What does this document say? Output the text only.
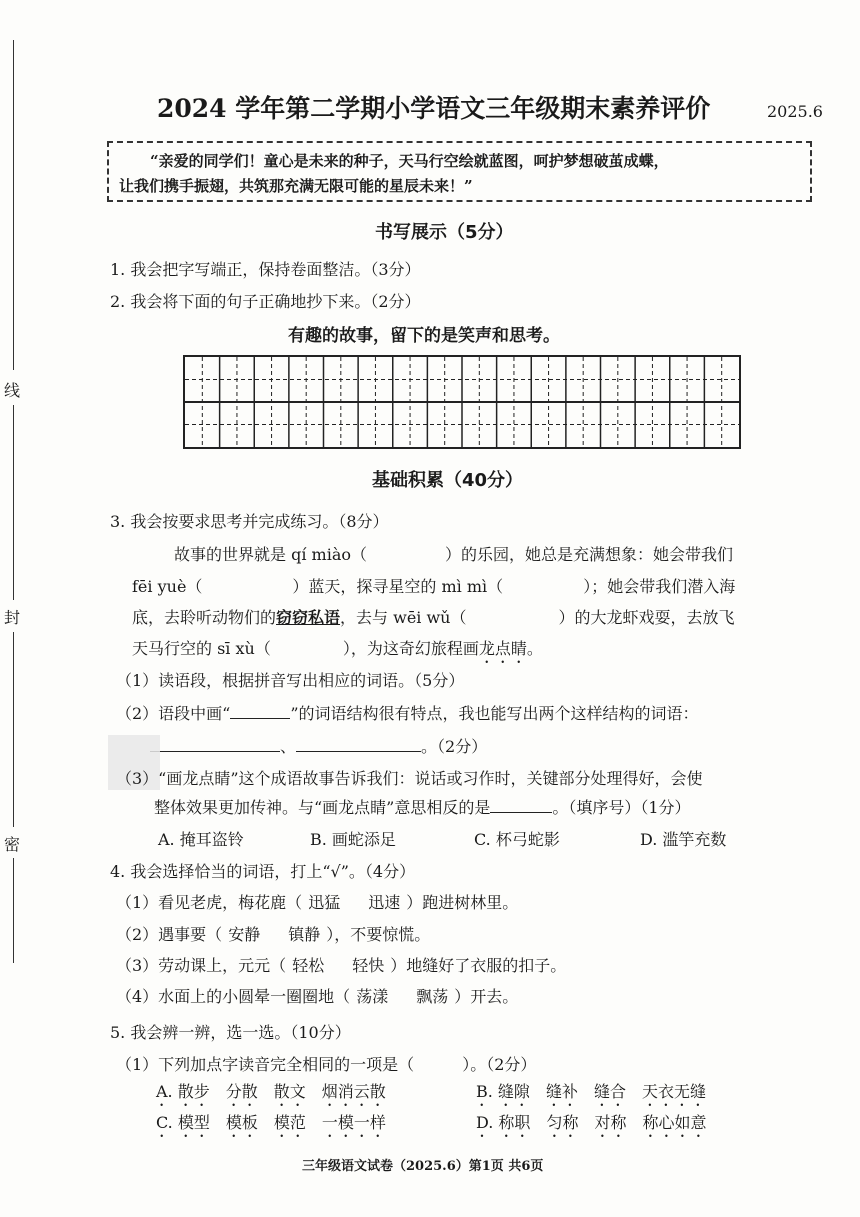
线
封
密
2024 学年第二学期小学语文三年级期末素养评价	2025.6
“亲爱的同学们！童心是未来的种子，天马行空绘就蓝图，呵护梦想破茧成蝶，
让我们携手振翅，共筑那充满无限可能的星辰未来！”
书写展示（5分）
1. 我会把字写端正，保持卷面整洁。（3分）
2. 我会将下面的句子正确地抄下来。（2分）
有趣的故事，留下的是笑声和思考。
基础积累（40分）
3. 我会按要求思考并完成练习。（8分）
故事的世界就是 qí miào（	）的乐园，她总是充满想象：她会带我们
fēi yuè（	）蓝天，探寻星空的 mì mì（	）；她会带我们潜入海
底，去聆听动物们的窃窃私语，去与 wēi wǔ（	）的大龙虾戏耍，去放飞
天马行空的 sī xù（	），为这奇幻旅程画龙点睛。
（1）读语段，根据拼音写出相应的词语。（5分）
（2）语段中画“	”的词语结构很有特点，我也能写出两个这样结构的词语：
、	。（2分）
（3）“画龙点睛”这个成语故事告诉我们：说话或习作时，关键部分处理得好，会使
整体效果更加传神。与“画龙点睛”意思相反的是	。（填序号）（1分）
A. 掩耳盗铃	B. 画蛇添足	C. 杯弓蛇影	D. 滥竽充数
4. 我会选择恰当的词语，打上“√”。（4分）
（1）看见老虎，梅花鹿（ 迅猛 迅速 ）跑进树林里。
（2）遇事要（ 安静 镇静 ），不要惊慌。
（3）劳动课上，元元（ 轻松 轻快 ）地缝好了衣服的扣子。
（4）水面上的小圆晕一圈圈地（ 荡漾 飘荡 ）开去。
5. 我会辨一辨，选一选。（10分）
（1）下列加点字读音完全相同的一项是（	）。（2分）
A. 散步 分散 散文 烟消云散	B. 缝隙 缝补 缝合 天衣无缝
C. 模型 模板 模范 一模一样	D. 称职 匀称 对称 称心如意
三年级语文试卷（2025.6）第1页 共6页
